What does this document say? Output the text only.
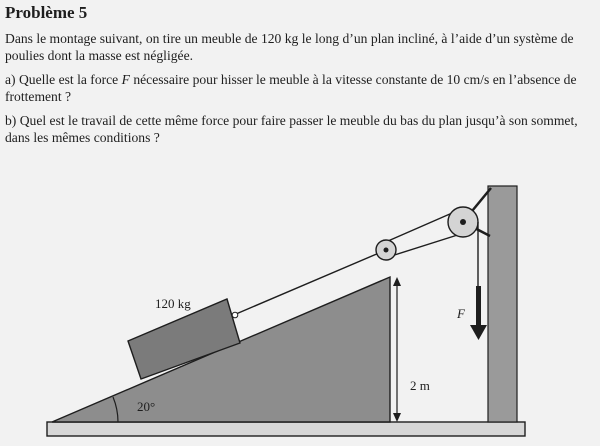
Problème 5
Dans le montage suivant, on tire un meuble de 120 kg le long d’un plan incliné, à l’aide d’un système de poulies dont la masse est négligée.
a) Quelle est la force F nécessaire pour hisser le meuble à la vitesse constante de 10 cm/s en l’absence de frottement ?
b) Quel est le travail de cette même force pour faire passer le meuble du bas du plan jusqu’à son sommet, dans les mêmes conditions ?
20°
2 m
120 kg
F
